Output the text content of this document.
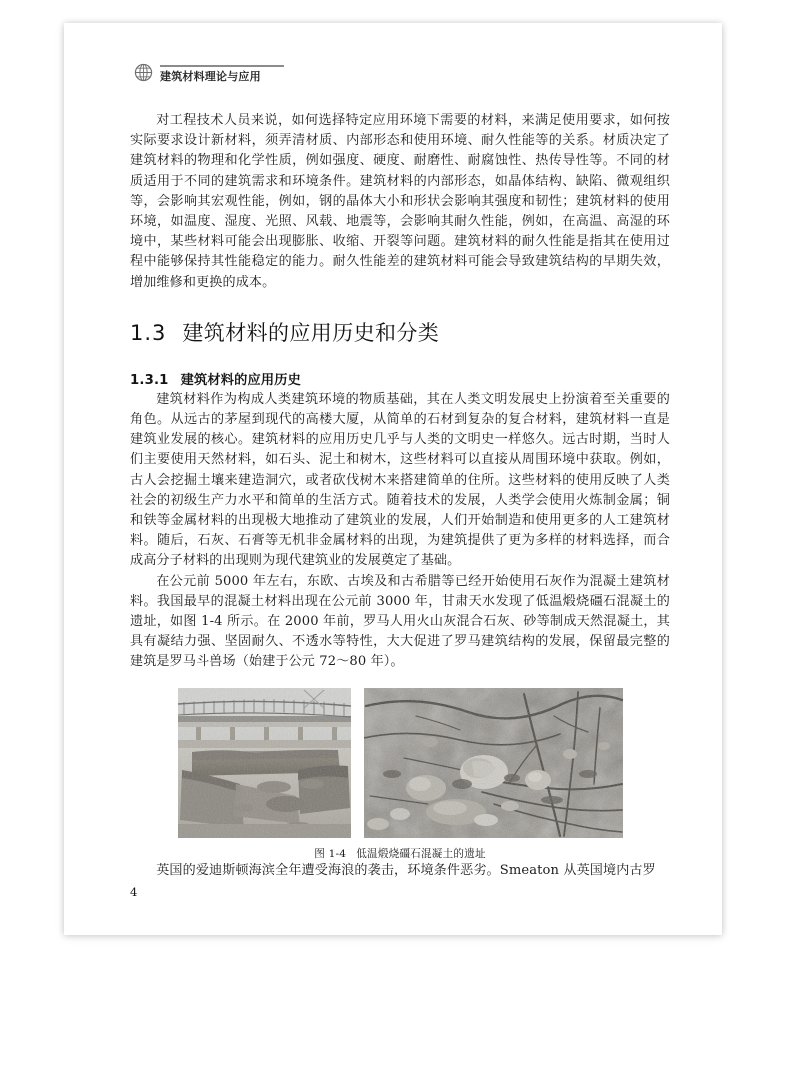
建筑材料理论与应用

对工程技术人员来说，如何选择特定应用环境下需要的材料，来满足使用要求，如何按实际要求设计新材料，须弄清材质、内部形态和使用环境、耐久性能等的关系。材质决定了建筑材料的物理和化学性质，例如强度、硬度、耐磨性、耐腐蚀性、热传导性等。不同的材质适用于不同的建筑需求和环境条件。建筑材料的内部形态，如晶体结构、缺陷、微观组织等，会影响其宏观性能，例如，钢的晶体大小和形状会影响其强度和韧性；建筑材料的使用环境，如温度、湿度、光照、风载、地震等，会影响其耐久性能，例如，在高温、高湿的环境中，某些材料可能会出现膨胀、收缩、开裂等问题。建筑材料的耐久性能是指其在使用过程中能够保持其性能稳定的能力。耐久性能差的建筑材料可能会导致建筑结构的早期失效，增加维修和更换的成本。

1.3 建筑材料的应用历史和分类
1.3.1 建筑材料的应用历史

建筑材料作为构成人类建筑环境的物质基础，其在人类文明发展史上扮演着至关重要的角色。从远古的茅屋到现代的高楼大厦，从简单的石材到复杂的复合材料，建筑材料一直是建筑业发展的核心。建筑材料的应用历史几乎与人类的文明史一样悠久。远古时期，当时人们主要使用天然材料，如石头、泥土和树木，这些材料可以直接从周围环境中获取。例如，古人会挖掘土壤来建造洞穴，或者砍伐树木来搭建简单的住所。这些材料的使用反映了人类社会的初级生产力水平和简单的生活方式。随着技术的发展，人类学会使用火炼制金属；铜和铁等金属材料的出现极大地推动了建筑业的发展，人们开始制造和使用更多的人工建筑材料。随后，石灰、石膏等无机非金属材料的出现，为建筑提供了更为多样的材料选择，而合成高分子材料的出现则为现代建筑业的发展奠定了基础。

在公元前 5000 年左右，东欧、古埃及和古希腊等已经开始使用石灰作为混凝土建筑材料。我国最早的混凝土材料出现在公元前 3000 年，甘肃天水发现了低温煅烧礓石混凝土的遗址，如图 1-4 所示。在 2000 年前，罗马人用火山灰混合石灰、砂等制成天然混凝土，其具有凝结力强、坚固耐久、不透水等特性，大大促进了罗马建筑结构的发展，保留最完整的建筑是罗马斗兽场（始建于公元 72～80 年）。

图 1-4 低温煅烧礓石混凝土的遗址

英国的爱迪斯顿海滨全年遭受海浪的袭击，环境条件恶劣。Smeaton 从英国境内古罗

4
